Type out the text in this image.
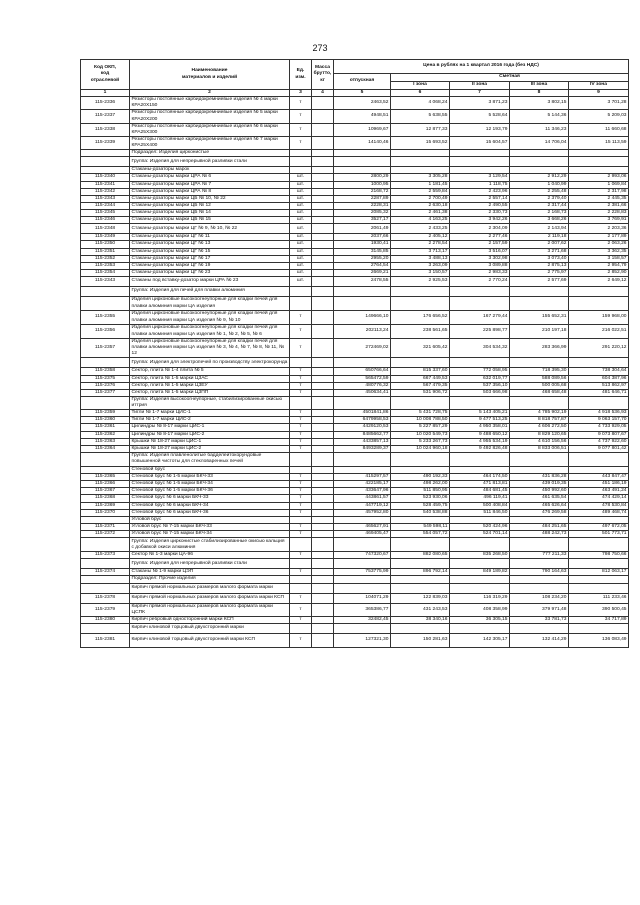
273
Код ОКП,
код
отраслевой	Наименование
материалов и изделий	Ед.
изм.	Масса
брутто,
кг	Цена в рублях на 1 квартал 2016 года (без НДС)				
				отпускная	Сметная			
					I зона	II зона	III зона	IV зона
1	2	3	4	5	6	7	8	9
115-2336	Резисторы постоянные карбидокремниевые изделия № 4 марки КРА20Х150	т		2463,52	4 068,24	3 871,23	3 802,15	3 701,28
115-2337	Резисторы постоянные карбидокремниевые изделия № 5 марки КРА20Х200	т		4948,51	5 638,55	5 528,64	5 144,36	5 209,03
115-2338	Резисторы постоянные карбидокремниевые изделия № 6 марки КРА25Х300	т		10969,67	12 877,33	12 193,79	11 346,23	11 660,68
115-2339	Резисторы постоянные карбидокремниевые изделия № 7 марки КРА25Х400	т		14140,46	15 693,52	15 604,57	14 706,04	15 113,59
	Подраздел: Изделия цирконистые							
	Группа: Изделия для непрерывной разливки стали							
	Стаканы-дозаторы марок							
115-2340	Стаканы-дозаторы марки ЦРА № 6	шт.		2800,29	3 305,28	3 129,54	2 912,29	2 993,06
115-2341	Стаканы-дозаторы марки ЦРА № 7	шт.		1000,95	1 181,45	1 118,75	1 040,99	1 069,84
115-2342	Стаканы-дозаторы марки ЦРА № 8	шт.		2168,72	2 559,84	2 423,96	2 255,48	2 317,98
115-2343	Стаканы-дозаторы марки ЦБ № 10, № 22	шт.		2287,89	2 700,49	2 557,14	2 379,40	2 445,35
115-2344	Стаканы-дозаторы марки ЦБ № 12	шт.		2228,31	2 630,18	2 490,55	2 317,44	2 381,66
115-2345	Стаканы-дозаторы марки ЦБ № 14	шт.		2085,32	2 461,38	2 330,73	2 168,73	2 228,83
115-2346	Стаканы-дозаторы марки ЦБ № 15	шт.		3527,17	4 163,25	3 942,26	3 668,26	3 769,91
115-2348	Стаканы-дозаторы марки ЦГ № 9, № 10, № 22	шт.		2061,49	2 433,25	2 304,09	2 143,94	2 203,36
115-2349	Стаканы-дозаторы марки ЦГ № 11	шт.		2037,66	2 405,12	2 277,46	2 119,18	2 177,89
115-2350	Стаканы-дозаторы марки ЦГ № 13	шт.		1930,41	2 278,54	2 157,59	2 007,62	2 063,26
115-2351	Стаканы-дозаторы марки ЦГ № 15	шт.		3145,85	3 713,17	3 516,07	3 271,68	3 362,35
115-2352	Стаканы-дозаторы марки ЦГ № 17	шт.		2955,20	3 488,13	3 302,98	3 073,40	3 158,57
115-2353	Стаканы-дозаторы марки ЦГ № 19	шт.		2764,54	3 263,09	3 089,88	2 875,13	2 954,79
115-2354	Стаканы-дозаторы марки ЦГ № 23	шт.		2669,21	3 150,57	2 983,33	2 775,97	2 852,90
115-2343	Стаканы под вставку-дозатор марки ЦРА № 23	шт.		2478,55	2 925,53	2 770,24	2 577,69	2 649,12
	Группа: Изделия для печей для плавки алюминия							
	Изделия цирконовые высокоогнеупорные для кладки печей для плавки алюминия марки ЦА изделия							
115-2355	Изделия цирконовые высокоогнеупорные для кладки печей для плавки алюминия марки ЦА изделия № 9, № 10	т		149666,10	176 656,52	167 279,44	155 652,31	159 968,00
115-2356	Изделия цирконовые высокоогнеупорные для кладки печей для плавки алюминия марки ЦА изделия № 1, № 2, № 5, № 6	т		202113,24	238 561,65	225 898,77	210 197,18	216 022,51
115-2357	Изделия цирконовые высокоогнеупорные для кладки печей для плавки алюминия марки ЦА изделия № 3, № 4, № 7, № 8, № 11, № 12	т		272469,02	321 605,42	304 534,32	283 366,99	291 220,12
	Группа: Изделия для электропечей по производству электрокорунда							
115-2358	Сектор, плита № 1-4 плита № 5	т		650766,64	815 337,60	772 058,95	718 395,30	738 304,64
115-2375	Сектор, плита № 1-5 марки Ц3АС	т		565472,59	667 449,53	632 019,77	588 089,56	604 387,96
115-2376	Сектор, плита № 1-5 марки Ц3ЕУ	т		480776,32	567 479,35	537 356,10	500 005,68	513 862,97
115-2377	Сектор, плита № 1-5 марки Ц3ПП	т		450634,41	531 906,72	503 666,98	468 658,48	481 646,71
	Группа: Изделия высокоогнеупорные, стабилизированные окисью иттрия							
115-2359	Тигли № 1-7 марки ЦИС-1	т		4501841,86	5 431 728,75	5 143 405,21	4 785 902,19	4 918 536,93
115-2360	Тигли № 1-7 марки ЦИС-2	т		6479958,53	10 008 788,50	9 477 513,25	8 818 757,87	9 063 157,70
115-2361	Цилиндры № 8-17 марки ЦИС-1	т		4429120,53	5 227 857,29	4 950 358,01	4 606 272,50	4 733 929,05
115-2362	Цилиндры № 8-17 марки ЦИС-2	т		8485662,77	10 020 549,73	9 488 650,12	8 829 120,65	9 073 807,67
115-2363	Крышки № 18-27 марки ЦИС-1	т		4433857,13	5 233 267,73	4 955 534,19	4 610 156,56	4 737 922,60
115-2364	Крышки № 18-27 марки ЦИС-2	т		8493289,37	10 024 960,18	9 492 826,48	8 833 006,51	9 077 801,42
	Группа: Изделия плавленолитые бадделеитокорундовые повышенной чистоты для стекловаренных печей							
	Стеновой брус							
115-2365	Стеновой брус № 1-5 марки БКЧ-33	т		415297,57	490 192,33	464 174,50	431 836,28	443 847,47
115-2366	Стеновой брус № 1-5 марки БКЧ-34	т		422185,17	498 262,00	471 813,81	439 019,35	451 186,19
115-2367	Стеновой брус № 1-5 марки БКЧ-36	т		433647,96	511 850,95	484 681,45	450 992,60	463 491,24
115-2368	Стеновой брус № 6 марки БКЧ-33	т		443861,57	523 930,06	496 119,41	461 635,54	474 429,14
115-2369	Стеновой брус № 6 марки БКЧ-34	т		447719,12	528 459,75	500 408,84	465 626,64	478 530,84
115-2370	Стеновой брус № 6 марки БКЧ-36	т		457952,80	540 538,88	511 846,50	476 269,58	489 468,74
	Угловой брус							
115-2371	Угловой брус № 7-15 марки БКЧ-33	т		465627,91	549 598,11	520 424,96	484 251,65	497 672,05
115-2372	Угловой брус № 7-15 марки БКЧ-34	т		469405,47	554 057,72	524 701,14	488 242,73	501 773,71
	Группа: Изделия цирконистые стабилизированные окисью кальция с добавкой окиси алюминия							
115-2373	Сектор № 1-3 марки ЦА-96	т		747320,67	882 080,65	835 268,50	777 211,33	798 750,66
	Группа: Изделия для непрерывной разливки стали							
115-2374	Стаканы № 1-9 марки ЦЭП	т		753775,99	896 792,14	849 189,82	790 164,63	812 063,17
	Подраздел: Прочие изделия							
	Кирпич прямой нормальных размеров малого формата марки							
115-2378	Кирпич прямой нормальных размеров малого формата марки КСП	т		104071,29	122 839,03	116 319,29	108 234,20	111 233,46
115-2379	Кирпич прямой нормальных размеров малого формата марки ЦСПК	т		365386,77	431 243,53	408 358,99	379 971,48	390 500,45
115-2380	Кирпич ребровый односторонний марки КСП	т		32482,45	38 340,16	36 305,15	33 781,73	34 717,89
	Кирпич клиновой торцовый двухсторонний марки							
115-2381	Кирпич клиновой торцовый двухсторонний марки КСП	т		127321,30	150 281,63	142 305,17	132 414,29	136 083,49
